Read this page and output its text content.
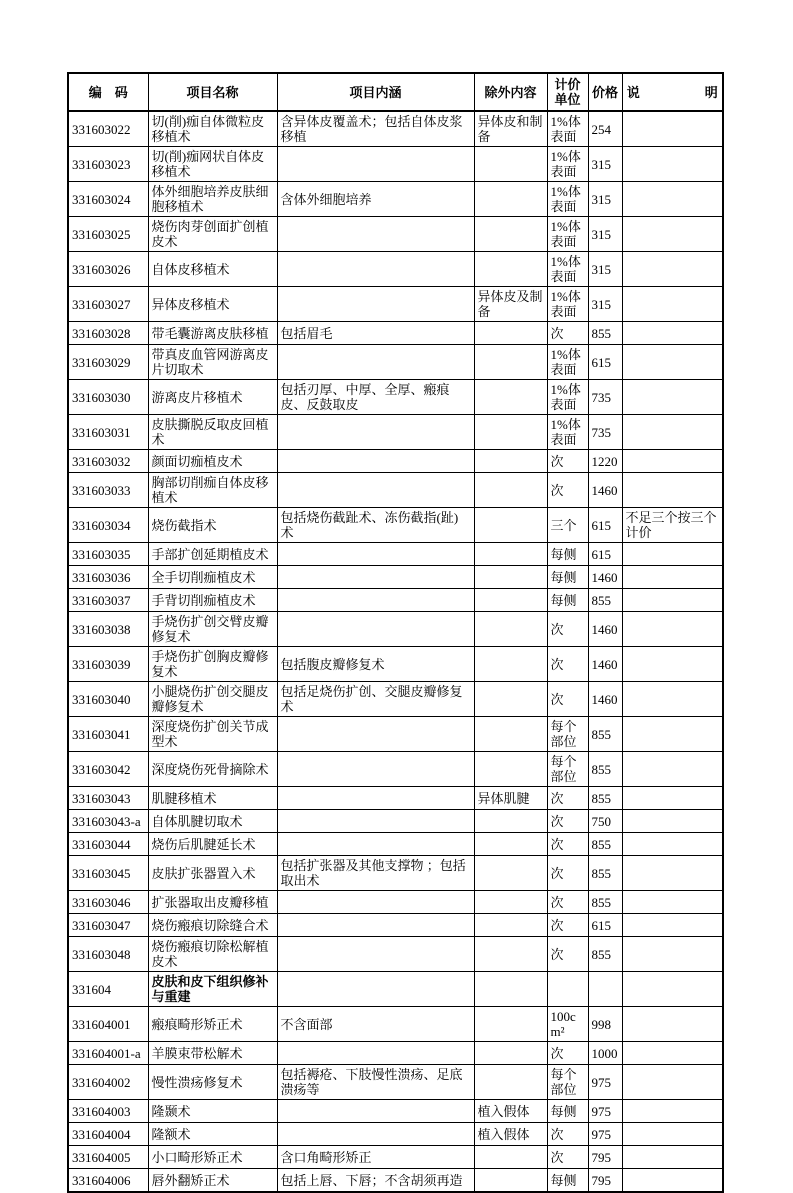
编　码	项目名称	项目内涵	除外内容	计价单位	价格	说　　　　　明
331603022	切(削)痂自体微粒皮移植术	含异体皮覆盖术；包括自体皮浆移植	异体皮和制备	1%体表面	254	
331603023	切(削)痂网状自体皮移植术			1%体表面	315	
331603024	体外细胞培养皮肤细胞移植术	含体外细胞培养		1%体表面	315	
331603025	烧伤肉芽创面扩创植皮术			1%体表面	315	
331603026	自体皮移植术			1%体表面	315	
331603027	异体皮移植术		异体皮及制备	1%体表面	315	
331603028	带毛囊游离皮肤移植	包括眉毛		次	855	
331603029	带真皮血管网游离皮片切取术			1%体表面	615	
331603030	游离皮片移植术	包括刃厚、中厚、全厚、瘢痕皮、反鼓取皮		1%体表面	735	
331603031	皮肤撕脱反取皮回植术			1%体表面	735	
331603032	颜面切痂植皮术			次	1220	
331603033	胸部切削痂自体皮移植术			次	1460	
331603034	烧伤截指术	包括烧伤截趾术、冻伤截指(趾)术		三个	615	不足三个按三个计价
331603035	手部扩创延期植皮术			每侧	615	
331603036	全手切削痂植皮术			每侧	1460	
331603037	手背切削痂植皮术			每侧	855	
331603038	手烧伤扩创交臂皮瓣修复术			次	1460	
331603039	手烧伤扩创胸皮瓣修复术	包括腹皮瓣修复术		次	1460	
331603040	小腿烧伤扩创交腿皮瓣修复术	包括足烧伤扩创、交腿皮瓣修复术		次	1460	
331603041	深度烧伤扩创关节成型术			每个部位	855	
331603042	深度烧伤死骨摘除术			每个部位	855	
331603043	肌腱移植术		异体肌腱	次	855	
331603043-a	自体肌腱切取术			次	750	
331603044	烧伤后肌腱延长术			次	855	
331603045	皮肤扩张器置入术	包括扩张器及其他支撑物 ；包括取出术		次	855	
331603046	扩张器取出皮瓣移植			次	855	
331603047	烧伤瘢痕切除缝合术			次	615	
331603048	烧伤瘢痕切除松解植皮术			次	855	
331604	皮肤和皮下组织修补与重建					
331604001	瘢痕畸形矫正术	不含面部		100cm²	998	
331604001-a	羊膜束带松解术			次	1000	
331604002	慢性溃疡修复术	包括褥疮、下肢慢性溃疡、足底溃疡等		每个部位	975	
331604003	隆颞术		植入假体	每侧	975	
331604004	隆额术		植入假体	次	975	
331604005	小口畸形矫正术	含口角畸形矫正		次	795	
331604006	唇外翻矫正术	包括上唇、下唇；不含胡须再造		每侧	795	
